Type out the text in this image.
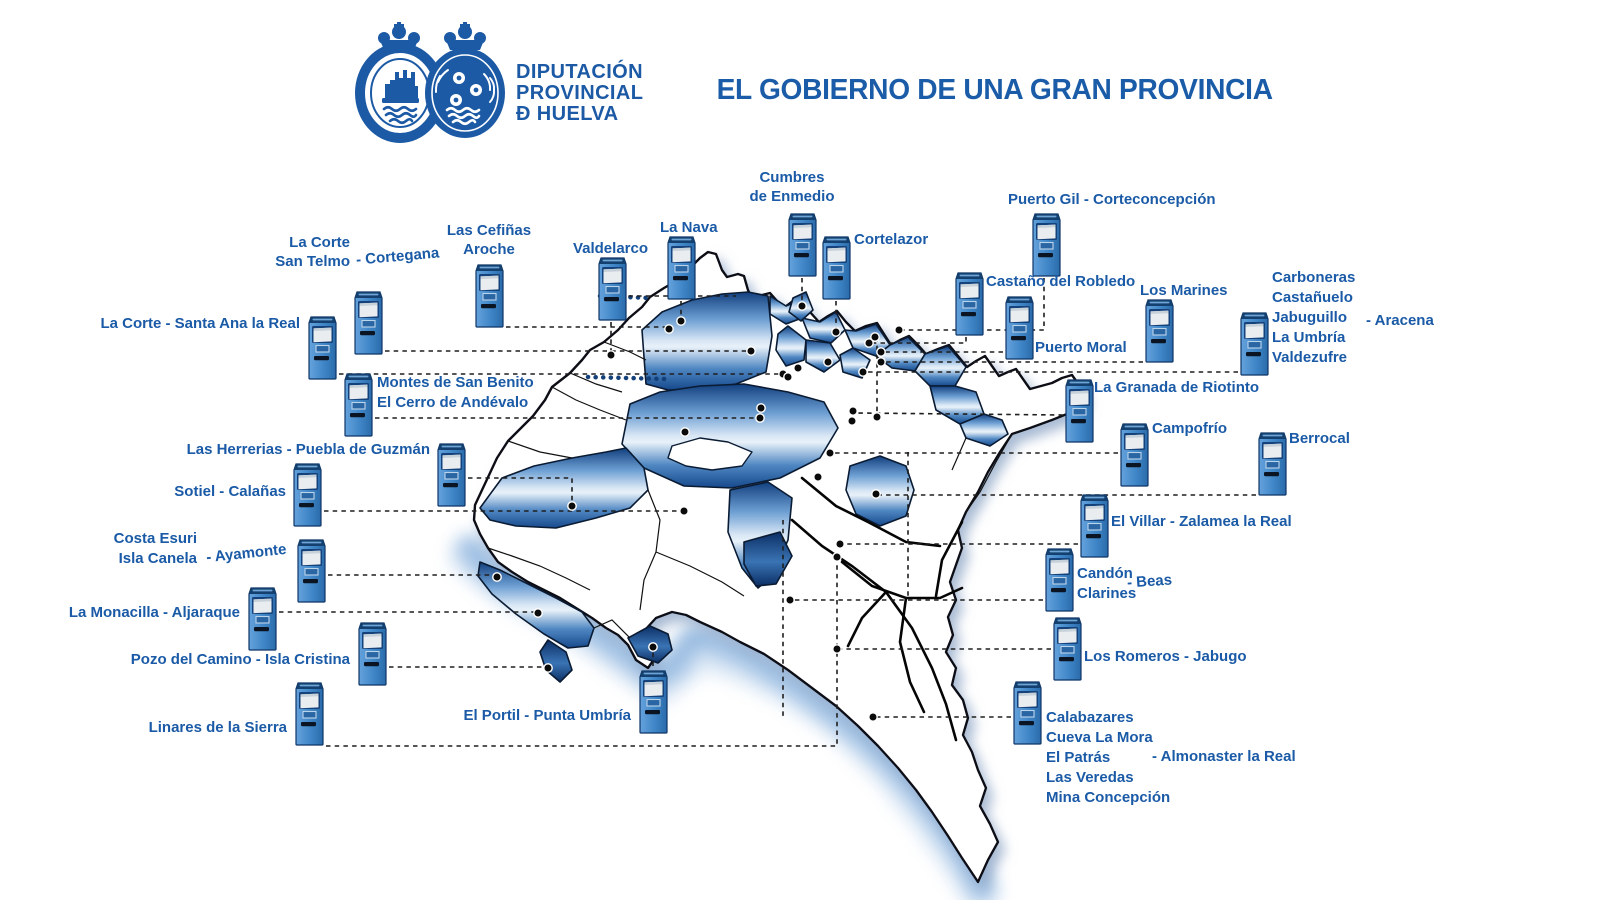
DIPUTACIÓN
PROVINCIAL
Đ HUELVA
EL GOBIERNO DE UNA GRAN PROVINCIA
La Corte
San Telmo - Cortegana
La Corte - Santa Ana la Real
Las Cefiñas
Aroche	Valdelarco
La Nava
Cumbres
de Enmedio
Cortelazor
Puerto Gil - Corteconcepción
Castaño del Robledo
Puerto Moral
Los Marines
Carboneras
Castañuelo
Jabuguillo
La Umbría
Valdezufre
- Aracena
Montes de San Benito
El Cerro de Andévalo
La Granada de Riotinto
Campofrío
Berrocal
Las Herrerias - Puebla de Guzmán
Sotiel - Calañas
El Villar - Zalamea la Real
Costa Esuri
Isla Canela - Ayamonte
Candón
Clarines
- Beas
La Monacilla - Aljaraque
Pozo del Camino - Isla Cristina	Los Romeros - Jabugo
Linares de la Sierra
El Portil - Punta Umbría	Calabazares
Cueva La Mora
El Patrás
Las Veredas
Mina Concepción
- Almonaster la Real
